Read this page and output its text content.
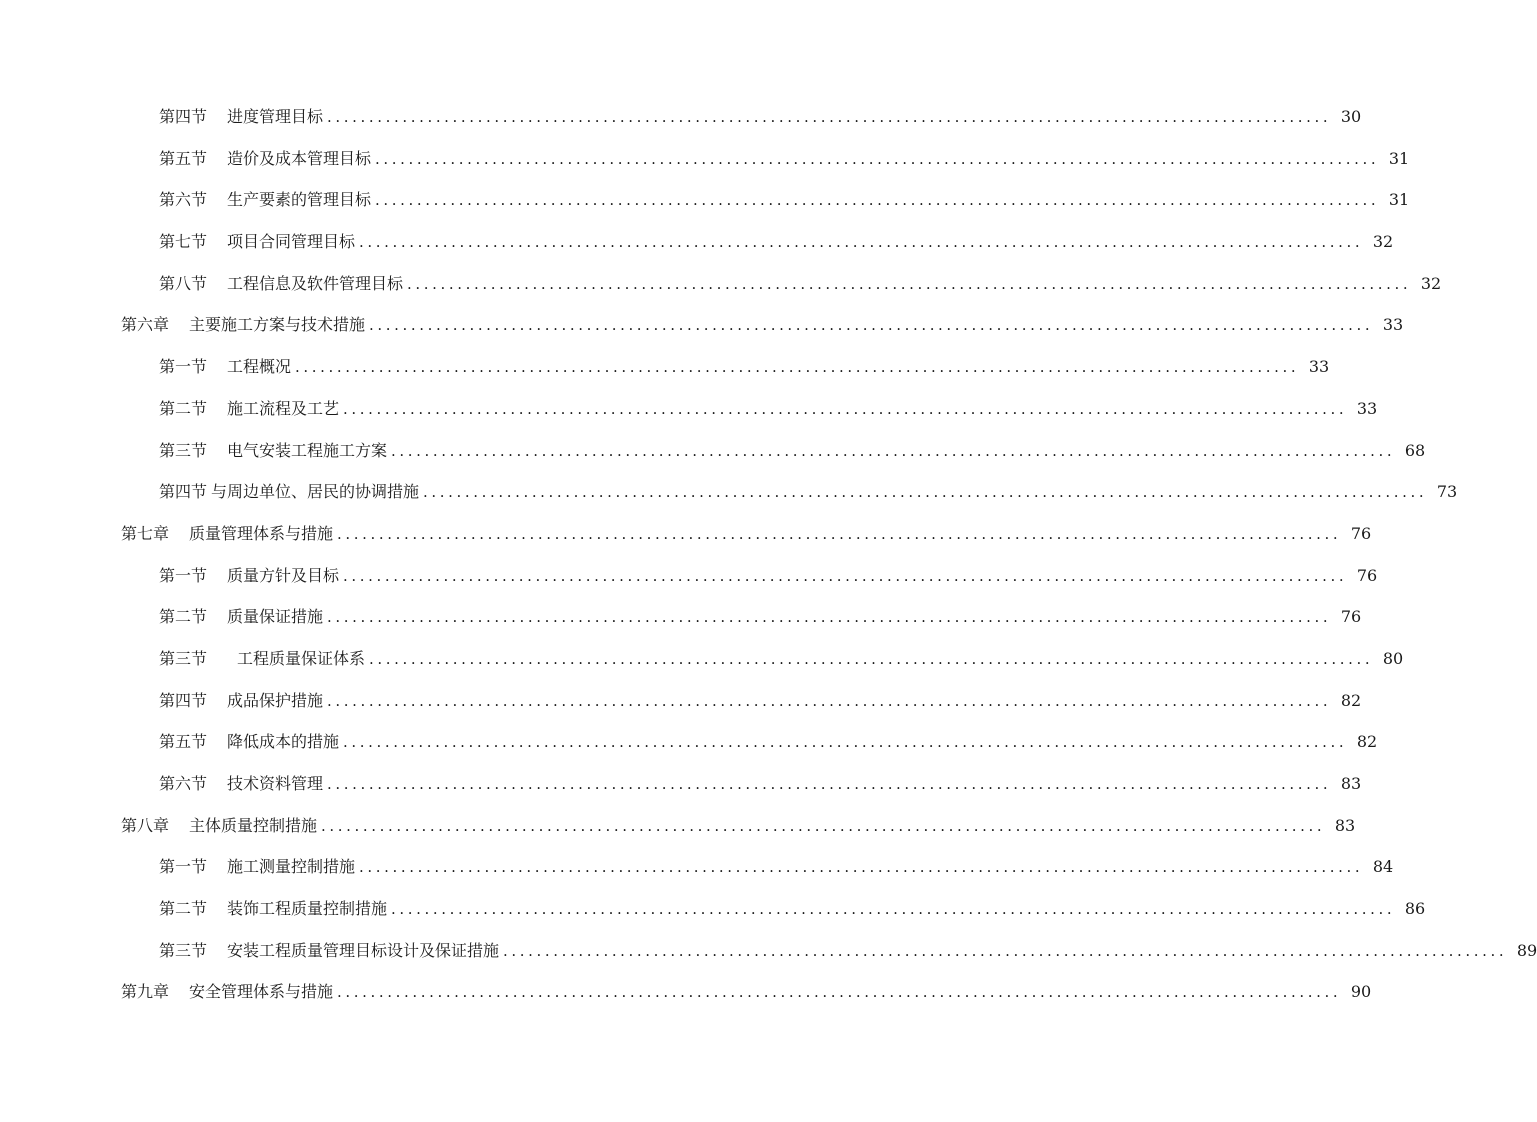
第四节 进度管理目标 ........................................................................................................................ 30
第五节 造价及成本管理目标 ........................................................................................................................ 31
第六节 生产要素的管理目标 ........................................................................................................................ 31
第七节 项目合同管理目标 ........................................................................................................................ 32
第八节 工程信息及软件管理目标 ........................................................................................................................ 32
第六章 主要施工方案与技术措施 ........................................................................................................................ 33
第一节 工程概况 ........................................................................................................................ 33
第二节 施工流程及工艺 ........................................................................................................................ 33
第三节 电气安装工程施工方案 ........................................................................................................................ 68
第四节 与周边单位、居民的协调措施 ........................................................................................................................ 73
第七章 质量管理体系与措施 ........................................................................................................................ 76
第一节 质量方针及目标 ........................................................................................................................ 76
第二节 质量保证措施 ........................................................................................................................ 76
第三节 工程质量保证体系 ........................................................................................................................ 80
第四节 成品保护措施 ........................................................................................................................ 82
第五节 降低成本的措施 ........................................................................................................................ 82
第六节 技术资料管理 ........................................................................................................................ 83
第八章 主体质量控制措施 ........................................................................................................................ 83
第一节 施工测量控制措施 ........................................................................................................................ 84
第二节 装饰工程质量控制措施 ........................................................................................................................ 86
第三节 安装工程质量管理目标设计及保证措施 ........................................................................................................................ 89
第九章 安全管理体系与措施 ........................................................................................................................ 90
